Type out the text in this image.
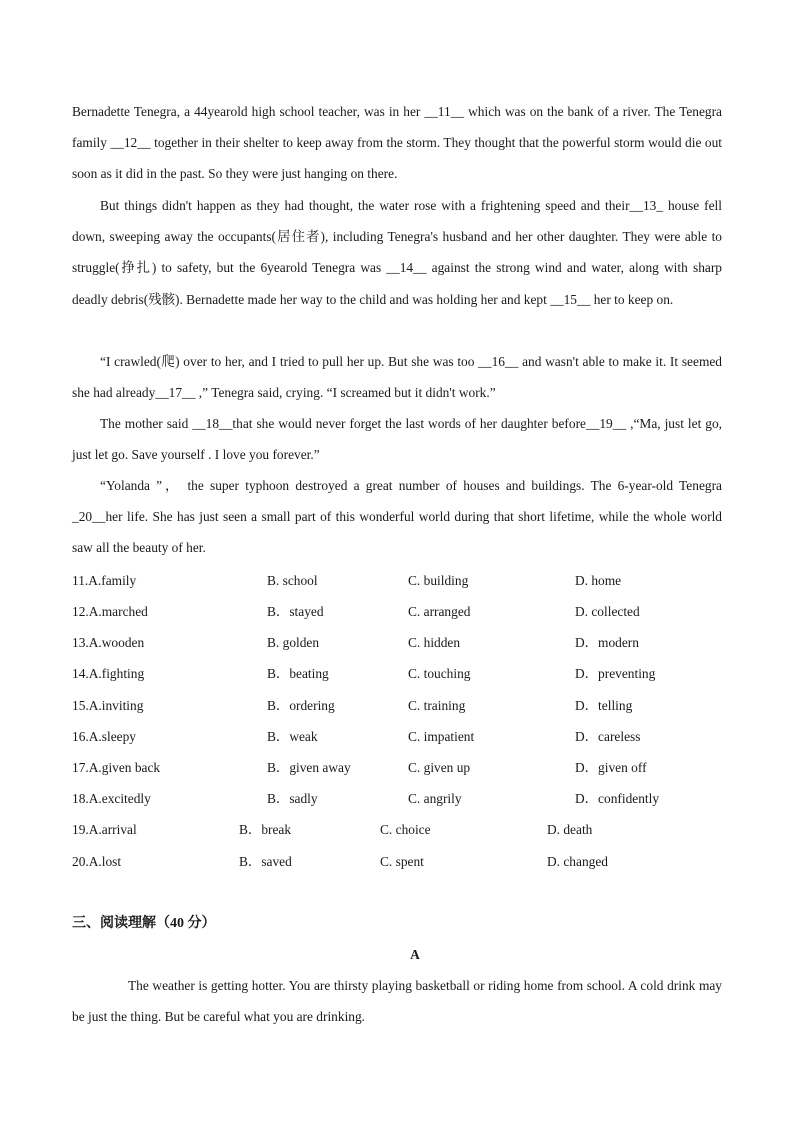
Bernadette Tenegra, a 44yearold high school teacher, was in her __11__ which was on the bank of a river. The Tenegra family __12__ together in their shelter to keep away from the storm. They thought that the powerful storm would die out soon as it did in the past. So they were just hanging on there.

But things didn't happen as they had thought, the water rose with a frightening speed and their__13_ house fell down, sweeping away the occupants(居住者), including Tenegra's husband and her other daughter. They were able to struggle(挣扎) to safety, but the 6yearold Tenegra was __14__ against the strong wind and water, along with sharp deadly debris(残骸). Bernadette made her way to the child and was holding her and kept __15__ her to keep on.

“I crawled(爬) over to her, and I tried to pull her up. But she was too __16__ and wasn't able to make it. It seemed she had already__17__ ,” Tenegra said, crying. “I screamed but it didn't work.”

The mother said __18__that she would never forget the last words of her daughter before__19__ ,“Ma, just let go, just let go. Save yourself . I love you forever.”

“Yolanda ”， the super typhoon destroyed a great number of houses and buildings. The 6-year-old Tenegra _20__her life. She has just seen a small part of this wonderful world during that short lifetime, while the whole world saw all the beauty of her.

11.A.family	B. school	C. building	D. home
12.A.marched	B．stayed	C. arranged	D. collected
13.A.wooden	B. golden	C. hidden	D．modern
14.A.fighting	B．beating	C. touching	D．preventing
15.A.inviting	B．ordering	C. training	D．telling
16.A.sleepy	B．weak	C. impatient	D．careless
17.A.given back	B．given away	C. given up	D．given off
18.A.excitedly	B．sadly	C. angrily	D．confidently
19.A.arrival	B．break	C. choice	D. death
20.A.lost	B．saved	C. spent	D. changed
三、阅读理解（40 分）
A

The weather is getting hotter. You are thirsty playing basketball or riding home from school. A cold drink may be just the thing. But be careful what you are drinking.
